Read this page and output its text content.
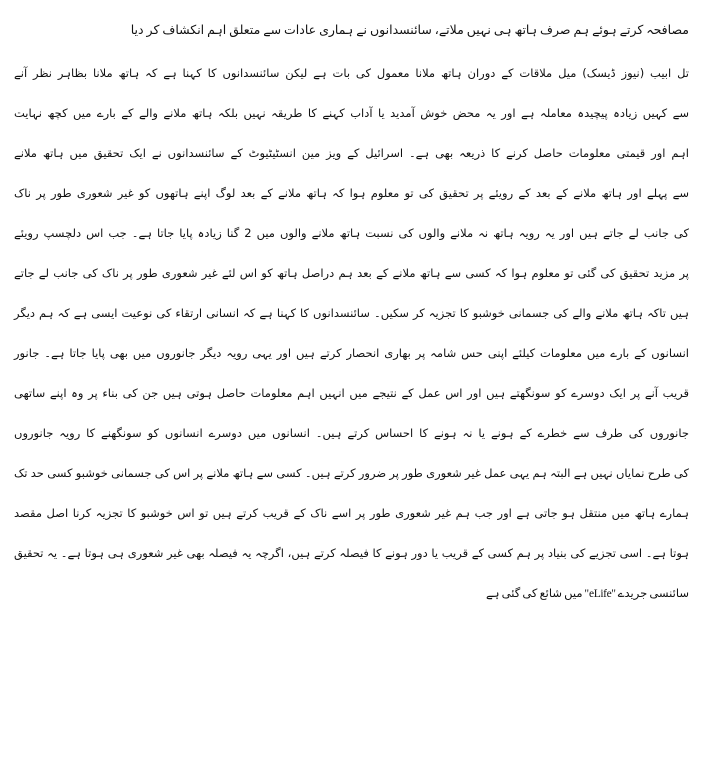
مصافحہ کرتے ہوئے ہم صرف ہاتھ ہی نہیں ملاتے، سائنسدانوں نے ہماری عادات سے متعلق اہم انکشاف کر دیا
تل ابیب (نیوز ڈیسک) میل ملاقات کے دوران ہاتھ ملانا معمول کی بات ہے لیکن سائنسدانوں کا کہنا ہے کہ ہاتھ ملانا بظاہر نظر آنے
سے کہیں زیادہ پیچیدہ معاملہ ہے اور یہ محض خوش آمدید یا آداب کہنے کا طریقہ نہیں بلکہ ہاتھ ملانے والے کے بارے میں کچھ نہایت
اہم اور قیمتی معلومات حاصل کرنے کا ذریعہ بھی ہے۔ اسرائیل کے ویز مین انسٹیٹیوٹ کے سائنسدانوں نے ایک تحقیق میں ہاتھ ملانے
سے پہلے اور ہاتھ ملانے کے بعد کے رویئے پر تحقیق کی تو معلوم ہوا کہ ہاتھ ملانے کے بعد لوگ اپنے ہاتھوں کو غیر شعوری طور پر ناک
کی جانب لے جاتے ہیں اور یہ رویہ ہاتھ نہ ملانے والوں کی نسبت ہاتھ ملانے والوں میں 2 گنا زیادہ پایا جاتا ہے۔ جب اس دلچسپ رویئے
پر مزید تحقیق کی گئی تو معلوم ہوا کہ کسی سے ہاتھ ملانے کے بعد ہم دراصل ہاتھ کو اس لئے غیر شعوری طور پر ناک کی جانب لے جاتے
ہیں تاکہ ہاتھ ملانے والے کی جسمانی خوشبو کا تجزیہ کر سکیں۔ سائنسدانوں کا کہنا ہے کہ انسانی ارتقاء کی نوعیت ایسی ہے کہ ہم دیگر
انسانوں کے بارے میں معلومات کیلئے اپنی حس شامہ پر بھاری انحصار کرتے ہیں اور یہی رویہ دیگر جانوروں میں بھی پایا جاتا ہے۔ جانور
قریب آنے پر ایک دوسرے کو سونگھتے ہیں اور اس عمل کے نتیجے میں انہیں اہم معلومات حاصل ہوتی ہیں جن کی بناء پر وہ اپنے ساتھی
جانوروں کی طرف سے خطرے کے ہونے یا نہ ہونے کا احساس کرتے ہیں۔ انسانوں میں دوسرے انسانوں کو سونگھنے کا رویہ جانوروں
کی طرح نمایاں نہیں ہے البتہ ہم یہی عمل غیر شعوری طور پر ضرور کرتے ہیں۔ کسی سے ہاتھ ملانے پر اس کی جسمانی خوشبو کسی حد تک
ہمارے ہاتھ میں منتقل ہو جاتی ہے اور جب ہم غیر شعوری طور پر اسے ناک کے قریب کرتے ہیں تو اس خوشبو کا تجزیہ کرنا اصل مقصد
ہوتا ہے۔ اسی تجزیے کی بنیاد پر ہم کسی کے قریب یا دور ہونے کا فیصلہ کرتے ہیں، اگرچہ یہ فیصلہ بھی غیر شعوری ہی ہوتا ہے۔ یہ تحقیق
سائنسی جریدے "eLife" میں شائع کی گئی ہے
